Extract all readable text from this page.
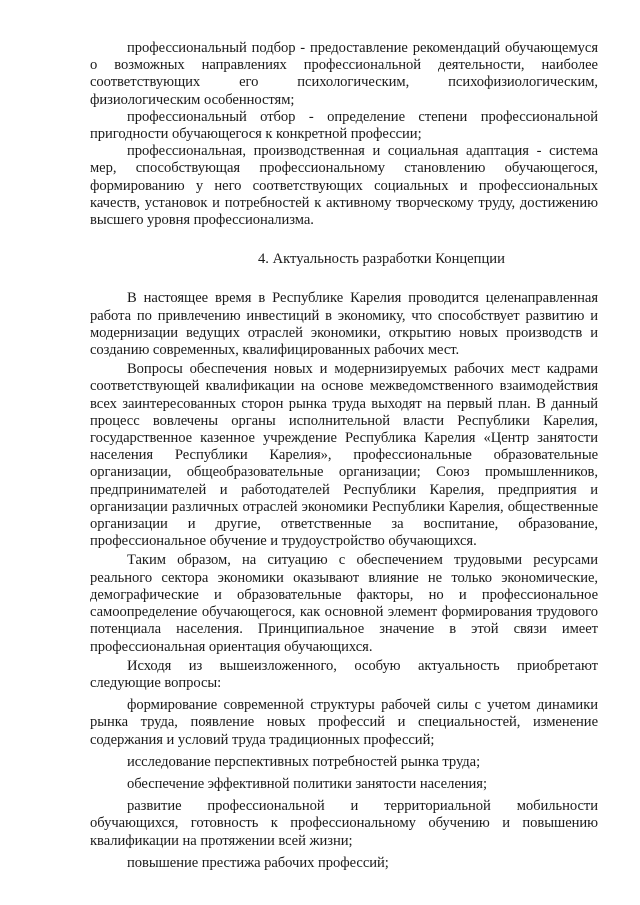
профессиональный подбор - предоставление рекомендаций обучающемуся о возможных направлениях профессиональной деятельности, наиболее соответствующих его психологическим, психофизиологическим, физиологическим особенностям;

профессиональный отбор - определение степени профессиональной пригодности обучающегося к конкретной профессии;

профессиональная, производственная и социальная адаптация - система мер, способствующая профессиональному становлению обучающегося, формированию у него соответствующих социальных и профессиональных качеств, установок и потребностей к активному творческому труду, достижению высшего уровня профессионализма.

4. Актуальность разработки Концепции

В настоящее время в Республике Карелия проводится целенаправленная работа по привлечению инвестиций в экономику, что способствует развитию и модернизации ведущих отраслей экономики, открытию новых производств и созданию современных, квалифицированных рабочих мест.

Вопросы обеспечения новых и модернизируемых рабочих мест кадрами соответствующей квалификации на основе межведомственного взаимодействия всех заинтересованных сторон рынка труда выходят на первый план. В данный процесс вовлечены органы исполнительной власти Республики Карелия, государственное казенное учреждение Республика Карелия «Центр занятости населения Республики Карелия», профессиональные образовательные организации, общеобразовательные организации; Союз промышленников, предпринимателей и работодателей Республики Карелия, предприятия и организации различных отраслей экономики Республики Карелия, общественные организации и другие, ответственные за воспитание, образование, профессиональное обучение и трудоустройство обучающихся.

Таким образом, на ситуацию с обеспечением трудовыми ресурсами реального сектора экономики оказывают влияние не только экономические, демографические и образовательные факторы, но и профессиональное самоопределение обучающегося, как основной элемент формирования трудового потенциала населения. Принципиальное значение в этой связи имеет профессиональная ориентация обучающихся.

Исходя из вышеизложенного, особую актуальность приобретают следующие вопросы:

формирование современной структуры рабочей силы с учетом динамики рынка труда, появление новых профессий и специальностей, изменение содержания и условий труда традиционных профессий;

исследование перспективных потребностей рынка труда;

обеспечение эффективной политики занятости населения;

развитие профессиональной и территориальной мобильности обучающихся, готовность к профессиональному обучению и повышению квалификации на протяжении всей жизни;

повышение престижа рабочих профессий;
